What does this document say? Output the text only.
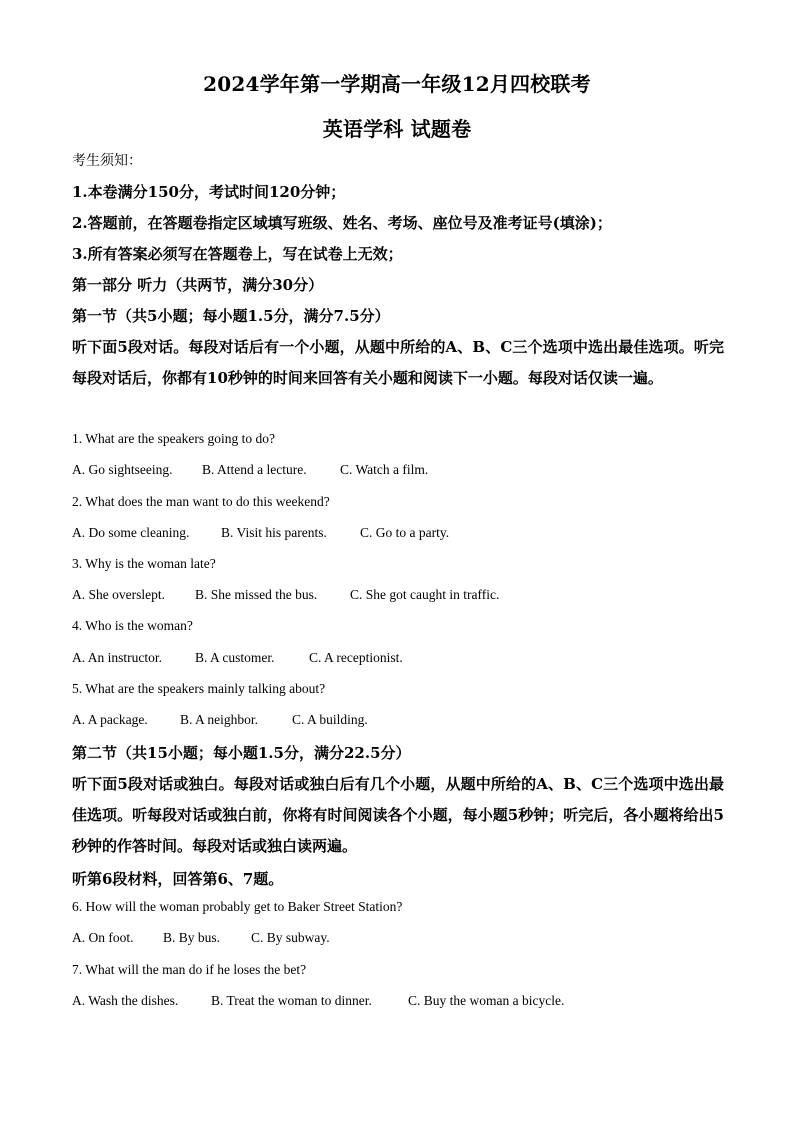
2024学年第一学期高一年级12月四校联考
英语学科 试题卷
考生须知：
1.本卷满分150分，考试时间120分钟；
2.答题前，在答题卷指定区域填写班级、姓名、考场、座位号及准考证号(填涂)；
3.所有答案必须写在答题卷上，写在试卷上无效；
第一部分 听力（共两节，满分30分）
第一节（共5小题；每小题1.5分，满分7.5分）
听下面5段对话。每段对话后有一个小题，从题中所给的A、B、C三个选项中选出最佳选项。听完每段对话后，你都有10秒钟的时间来回答有关小题和阅读下一小题。每段对话仅读一遍。
1. What are the speakers going to do?
A. Go sightseeing. B. Attend a lecture. C. Watch a film.
2. What does the man want to do this weekend?
A. Do some cleaning. B. Visit his parents. C. Go to a party.
3. Why is the woman late?
A. She overslept. B. She missed the bus. C. She got caught in traffic.
4. Who is the woman?
A. An instructor. B. A customer.	C. A receptionist.
5. What are the speakers mainly talking about?
A. A package. B. A neighbor.	C. A building.
第二节（共15小题；每小题1.5分，满分22.5分）
听下面5段对话或独白。每段对话或独白后有几个小题，从题中所给的A、B、C三个选项中选出最佳选项。听每段对话或独白前，你将有时间阅读各个小题，每小题5秒钟；听完后，各小题将给出5秒钟的作答时间。每段对话或独白读两遍。
听第6段材料，回答第6、7题。
6. How will the woman probably get to Baker Street Station?
A. On foot. B. By bus. C. By subway.
7. What will the man do if he loses the bet?
A. Wash the dishes. B. Treat the woman to dinner.	C. Buy the woman a bicycle.
